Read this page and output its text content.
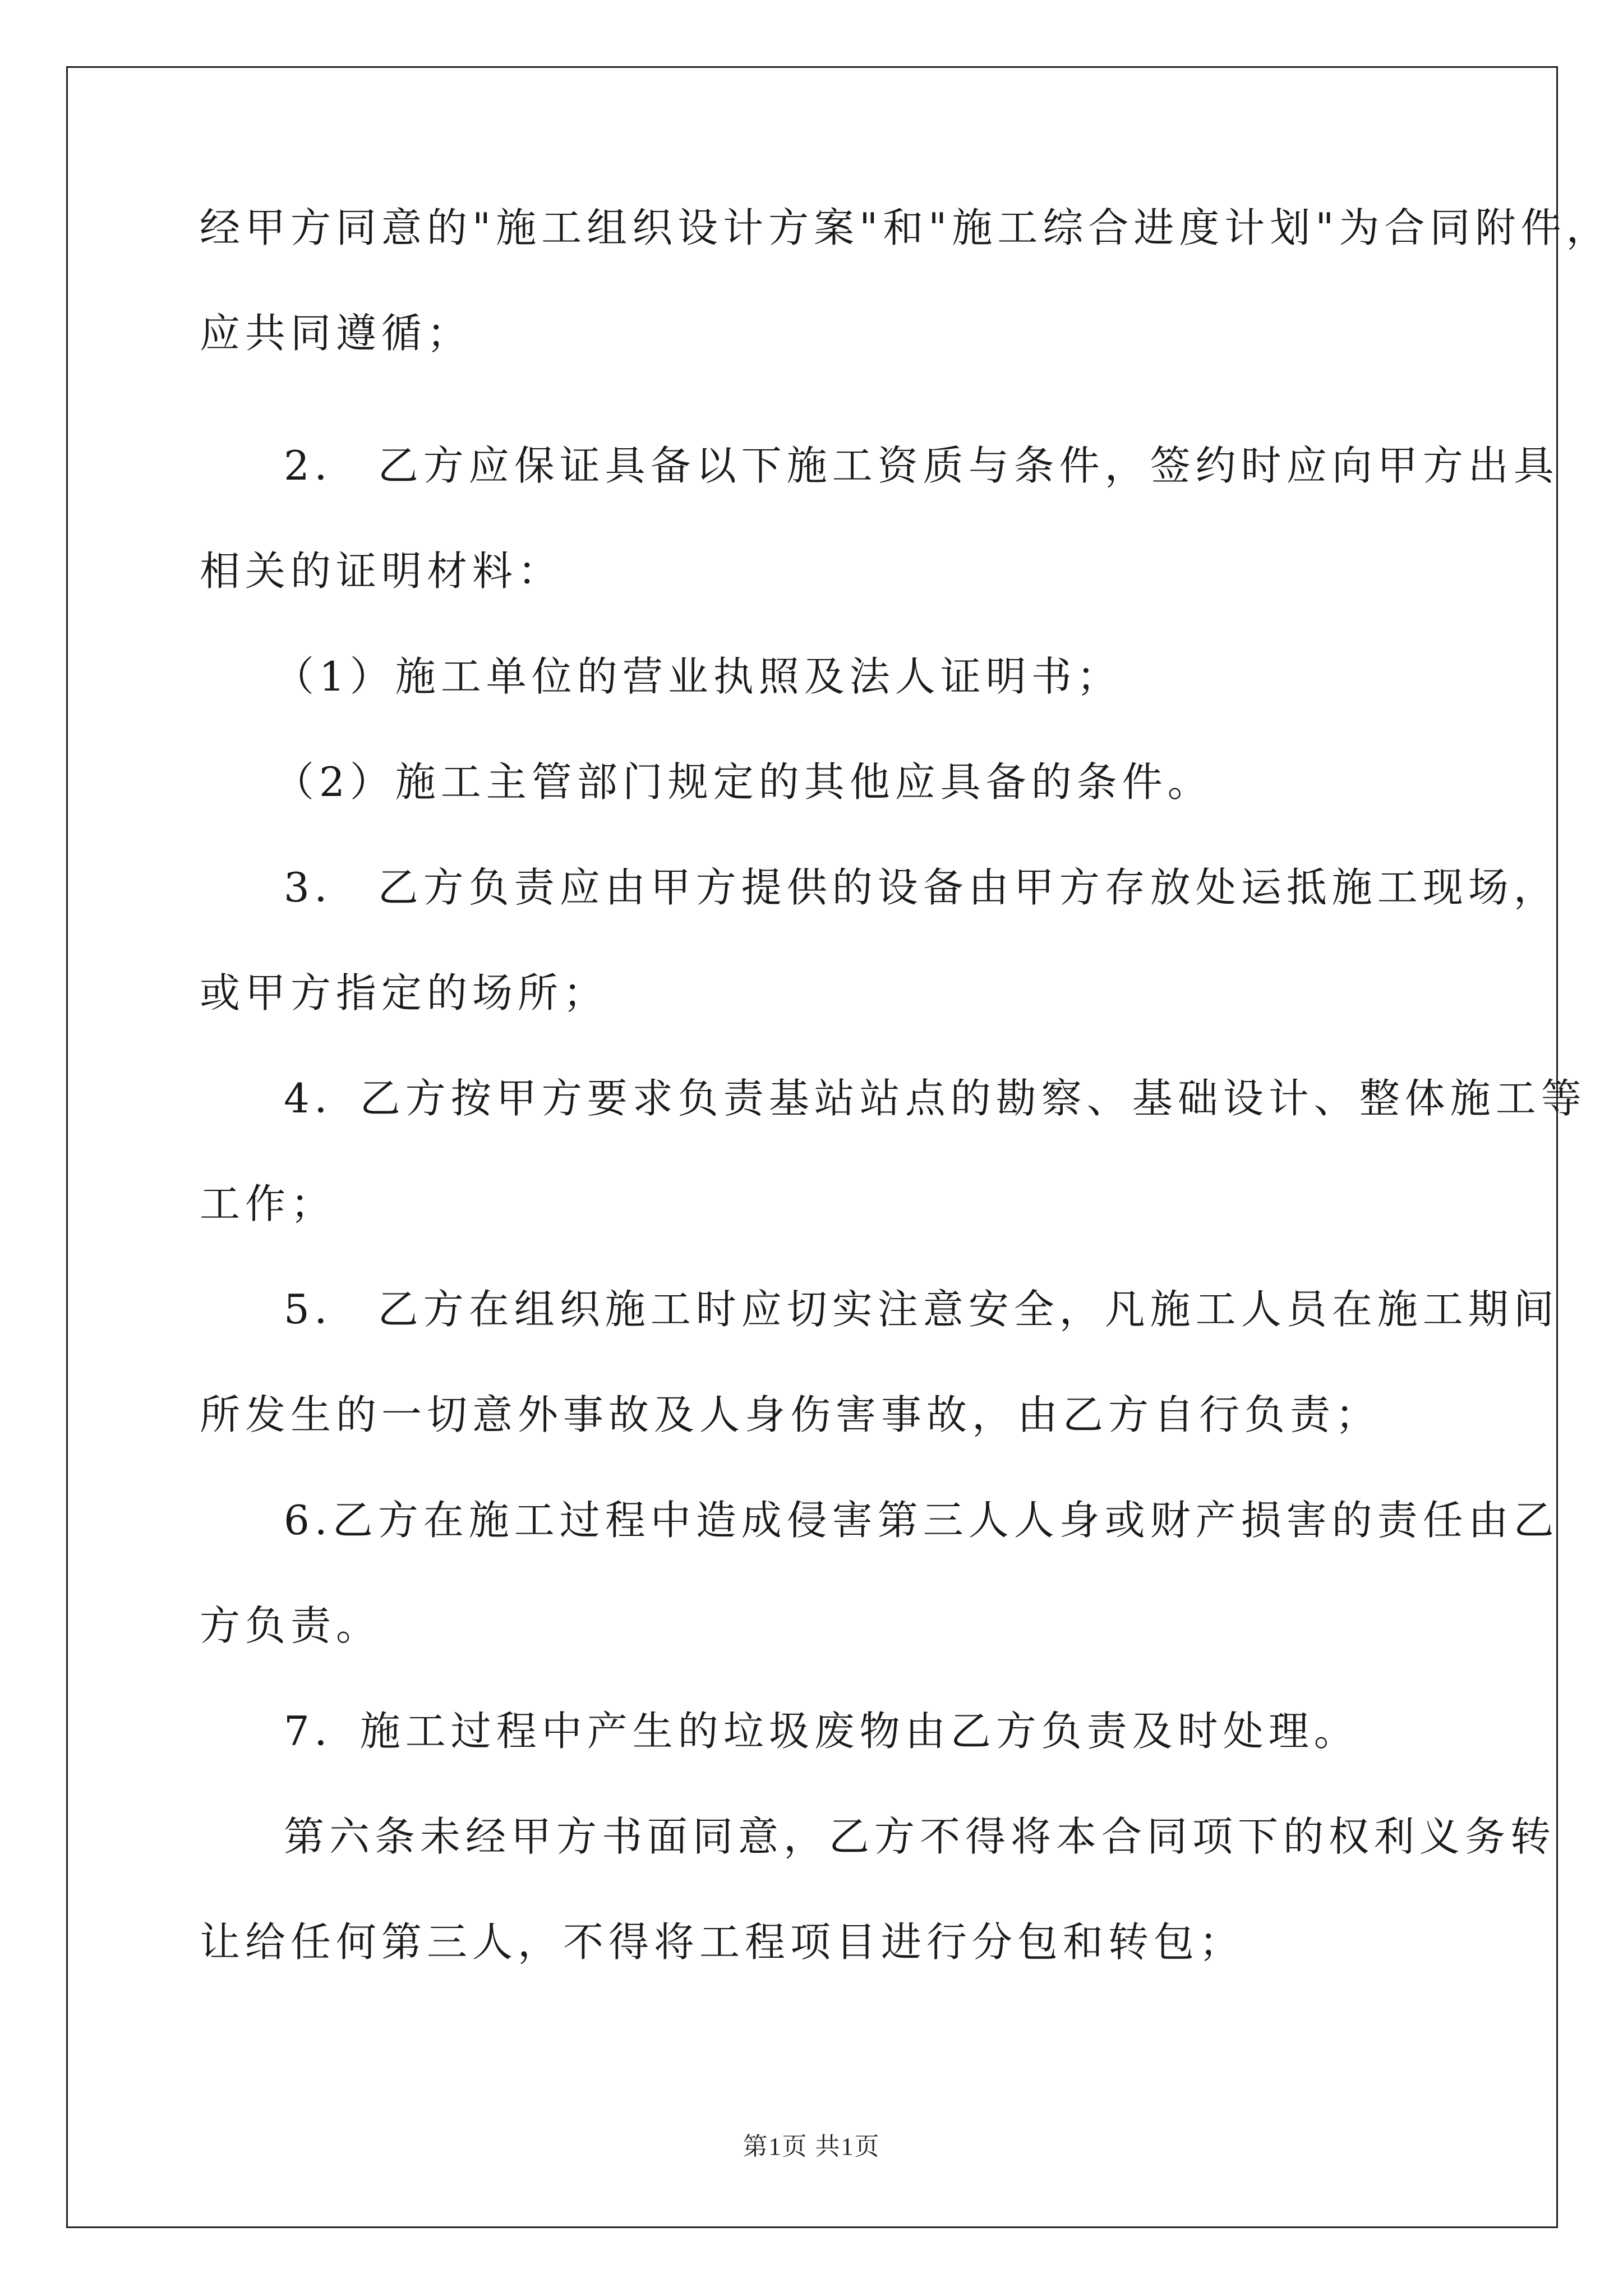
经甲方同意的"施工组织设计方案"和"施工综合进度计划"为合同附件，
应共同遵循；
2． 乙方应保证具备以下施工资质与条件，签约时应向甲方出具
相关的证明材料：
（1）施工单位的营业执照及法人证明书；
（2）施工主管部门规定的其他应具备的条件。
3． 乙方负责应由甲方提供的设备由甲方存放处运抵施工现场，
或甲方指定的场所；
4．乙方按甲方要求负责基站站点的勘察、基础设计、整体施工等
工作；
5． 乙方在组织施工时应切实注意安全，凡施工人员在施工期间
所发生的一切意外事故及人身伤害事故，由乙方自行负责；
6.乙方在施工过程中造成侵害第三人人身或财产损害的责任由乙
方负责。
7．施工过程中产生的垃圾废物由乙方负责及时处理。
第六条未经甲方书面同意，乙方不得将本合同项下的权利义务转
让给任何第三人，不得将工程项目进行分包和转包；
第1页 共1页
